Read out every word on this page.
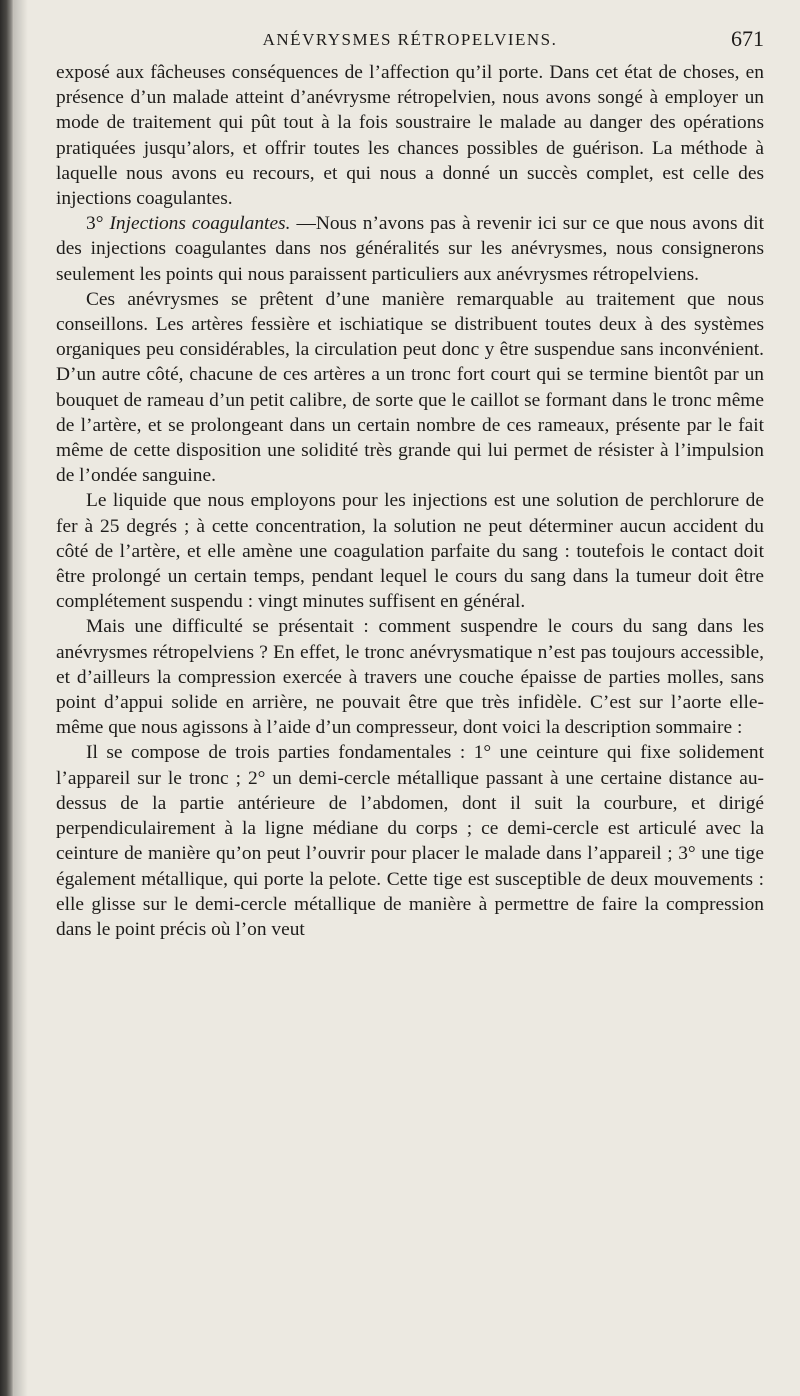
ANÉVRYSMES RÉTROPELVIENS.	671

exposé aux fâcheuses conséquences de l’affection qu’il porte. Dans cet état de choses, en présence d’un malade atteint d’anévrysme rétropelvien, nous avons songé à employer un mode de traitement qui pût tout à la fois soustraire le malade au danger des opérations pratiquées jusqu’alors, et offrir toutes les chances possibles de guérison. La méthode à laquelle nous avons eu recours, et qui nous a donné un succès complet, est celle des injections coagulantes.

3° Injections coagulantes. —Nous n’avons pas à revenir ici sur ce que nous avons dit des injections coagulantes dans nos généralités sur les anévrysmes, nous consignerons seulement les points qui nous paraissent particuliers aux anévrysmes rétropelviens.

Ces anévrysmes se prêtent d’une manière remarquable au traitement que nous conseillons. Les artères fessière et ischiatique se distribuent toutes deux à des systèmes organiques peu considérables, la circulation peut donc y être suspendue sans inconvénient. D’un autre côté, chacune de ces artères a un tronc fort court qui se termine bientôt par un bouquet de rameau d’un petit calibre, de sorte que le caillot se formant dans le tronc même de l’artère, et se prolongeant dans un certain nombre de ces rameaux, présente par le fait même de cette disposition une solidité très grande qui lui permet de résister à l’impulsion de l’ondée sanguine.

Le liquide que nous employons pour les injections est une solution de perchlorure de fer à 25 degrés ; à cette concentration, la solution ne peut déterminer aucun accident du côté de l’artère, et elle amène une coagulation parfaite du sang : toutefois le contact doit être prolongé un certain temps, pendant lequel le cours du sang dans la tumeur doit être complétement suspendu : vingt minutes suffisent en général.

Mais une difficulté se présentait : comment suspendre le cours du sang dans les anévrysmes rétropelviens ? En effet, le tronc anévrysmatique n’est pas toujours accessible, et d’ailleurs la compression exercée à travers une couche épaisse de parties molles, sans point d’appui solide en arrière, ne pouvait être que très infidèle. C’est sur l’aorte elle-même que nous agissons à l’aide d’un compresseur, dont voici la description sommaire :

Il se compose de trois parties fondamentales : 1° une ceinture qui fixe solidement l’appareil sur le tronc ; 2° un demi-cercle métallique passant à une certaine distance au-dessus de la partie antérieure de l’abdomen, dont il suit la courbure, et dirigé perpendiculairement à la ligne médiane du corps ; ce demi-cercle est articulé avec la ceinture de manière qu’on peut l’ouvrir pour placer le malade dans l’appareil ; 3° une tige également métallique, qui porte la pelote. Cette tige est susceptible de deux mouvements : elle glisse sur le demi-cercle métallique de manière à permettre de faire la compression dans le point précis où l’on veut
